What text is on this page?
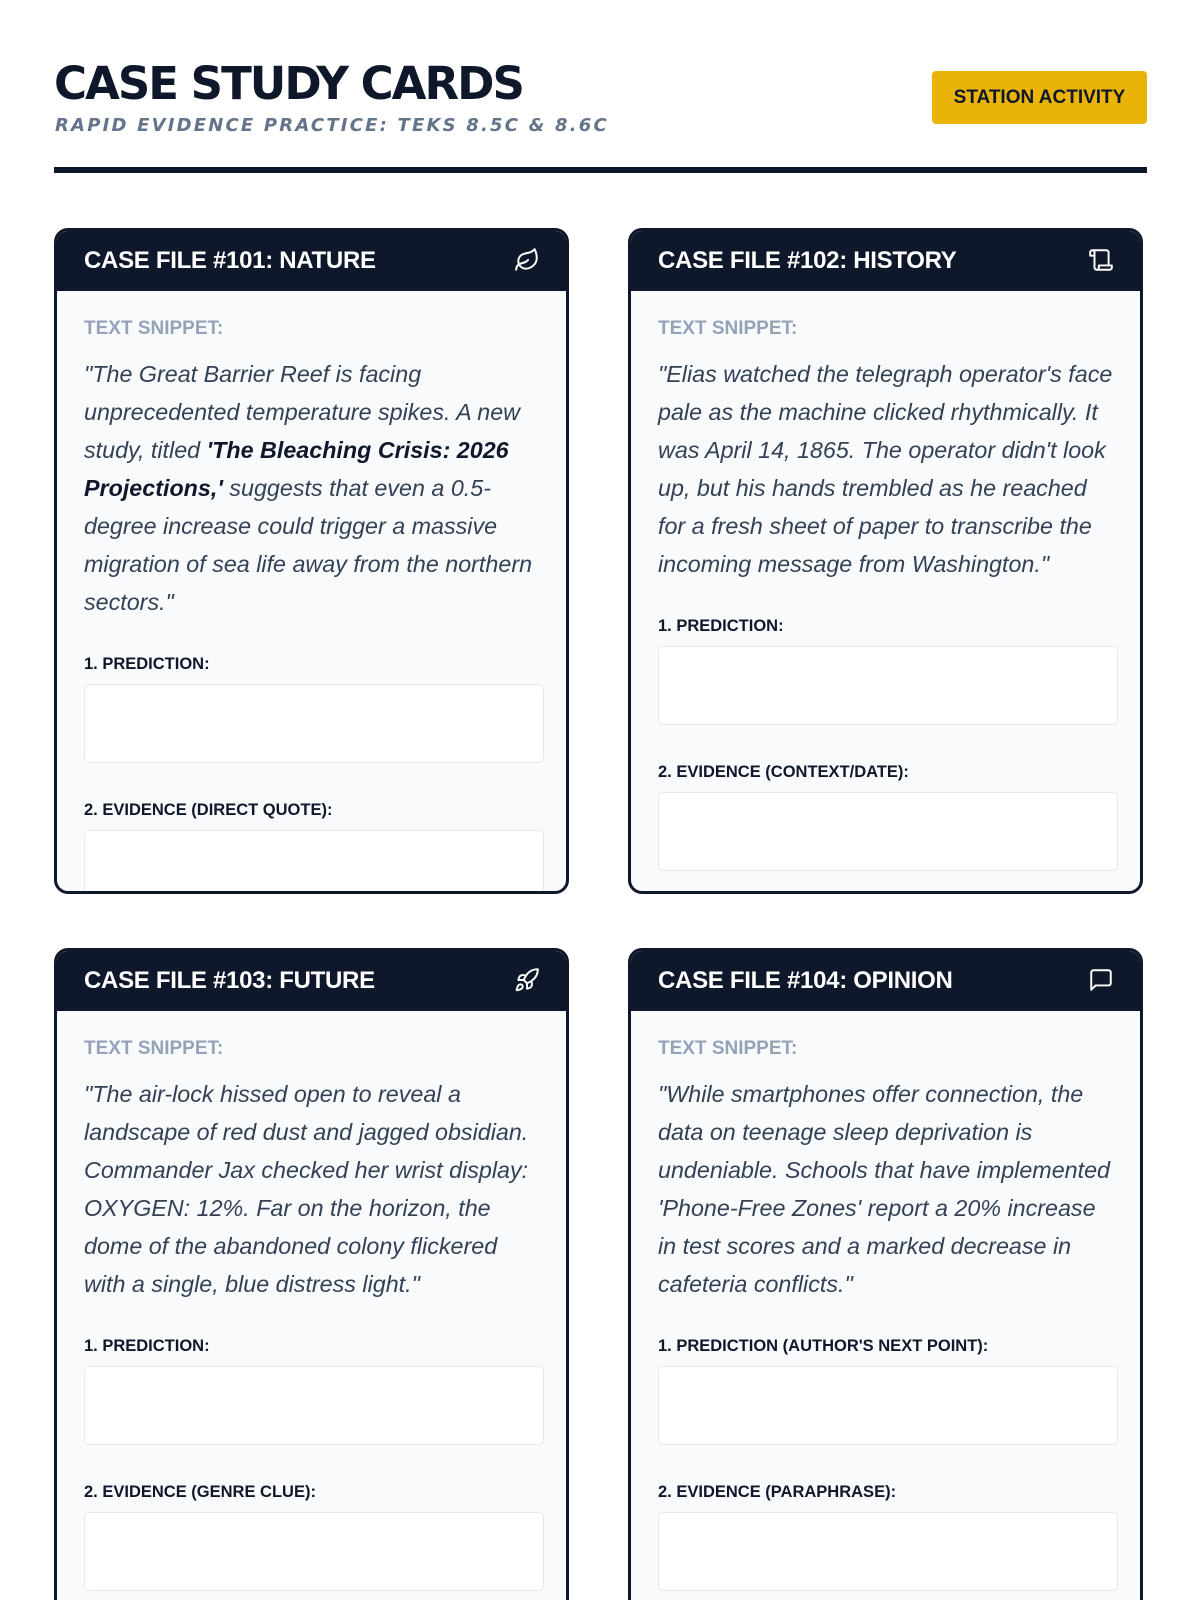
CASE STUDY CARDS
RAPID EVIDENCE PRACTICE: TEKS 8.5C & 8.6C
STATION ACTIVITY
CASE FILE #101: NATURE
TEXT SNIPPET:

"The Great Barrier Reef is facing unprecedented temperature spikes. A new study, titled 'The Bleaching Crisis: 2026 Projections,' suggests that even a 0.5-degree increase could trigger a massive migration of sea life away from the northern sectors."

1. PREDICTION:
2. EVIDENCE (DIRECT QUOTE):
CASE FILE #102: HISTORY
TEXT SNIPPET:

"Elias watched the telegraph operator's face pale as the machine clicked rhythmically. It was April 14, 1865. The operator didn't look up, but his hands trembled as he reached for a fresh sheet of paper to transcribe the incoming message from Washington."

1. PREDICTION:
2. EVIDENCE (CONTEXT/DATE):
CASE FILE #103: FUTURE
TEXT SNIPPET:

"The air-lock hissed open to reveal a landscape of red dust and jagged obsidian. Commander Jax checked her wrist display: OXYGEN: 12%. Far on the horizon, the dome of the abandoned colony flickered with a single, blue distress light."

1. PREDICTION:
2. EVIDENCE (GENRE CLUE):
CASE FILE #104: OPINION
TEXT SNIPPET:

"While smartphones offer connection, the data on teenage sleep deprivation is undeniable. Schools that have implemented 'Phone-Free Zones' report a 20% increase in test scores and a marked decrease in cafeteria conflicts."

1. PREDICTION (AUTHOR'S NEXT POINT):
2. EVIDENCE (PARAPHRASE):
